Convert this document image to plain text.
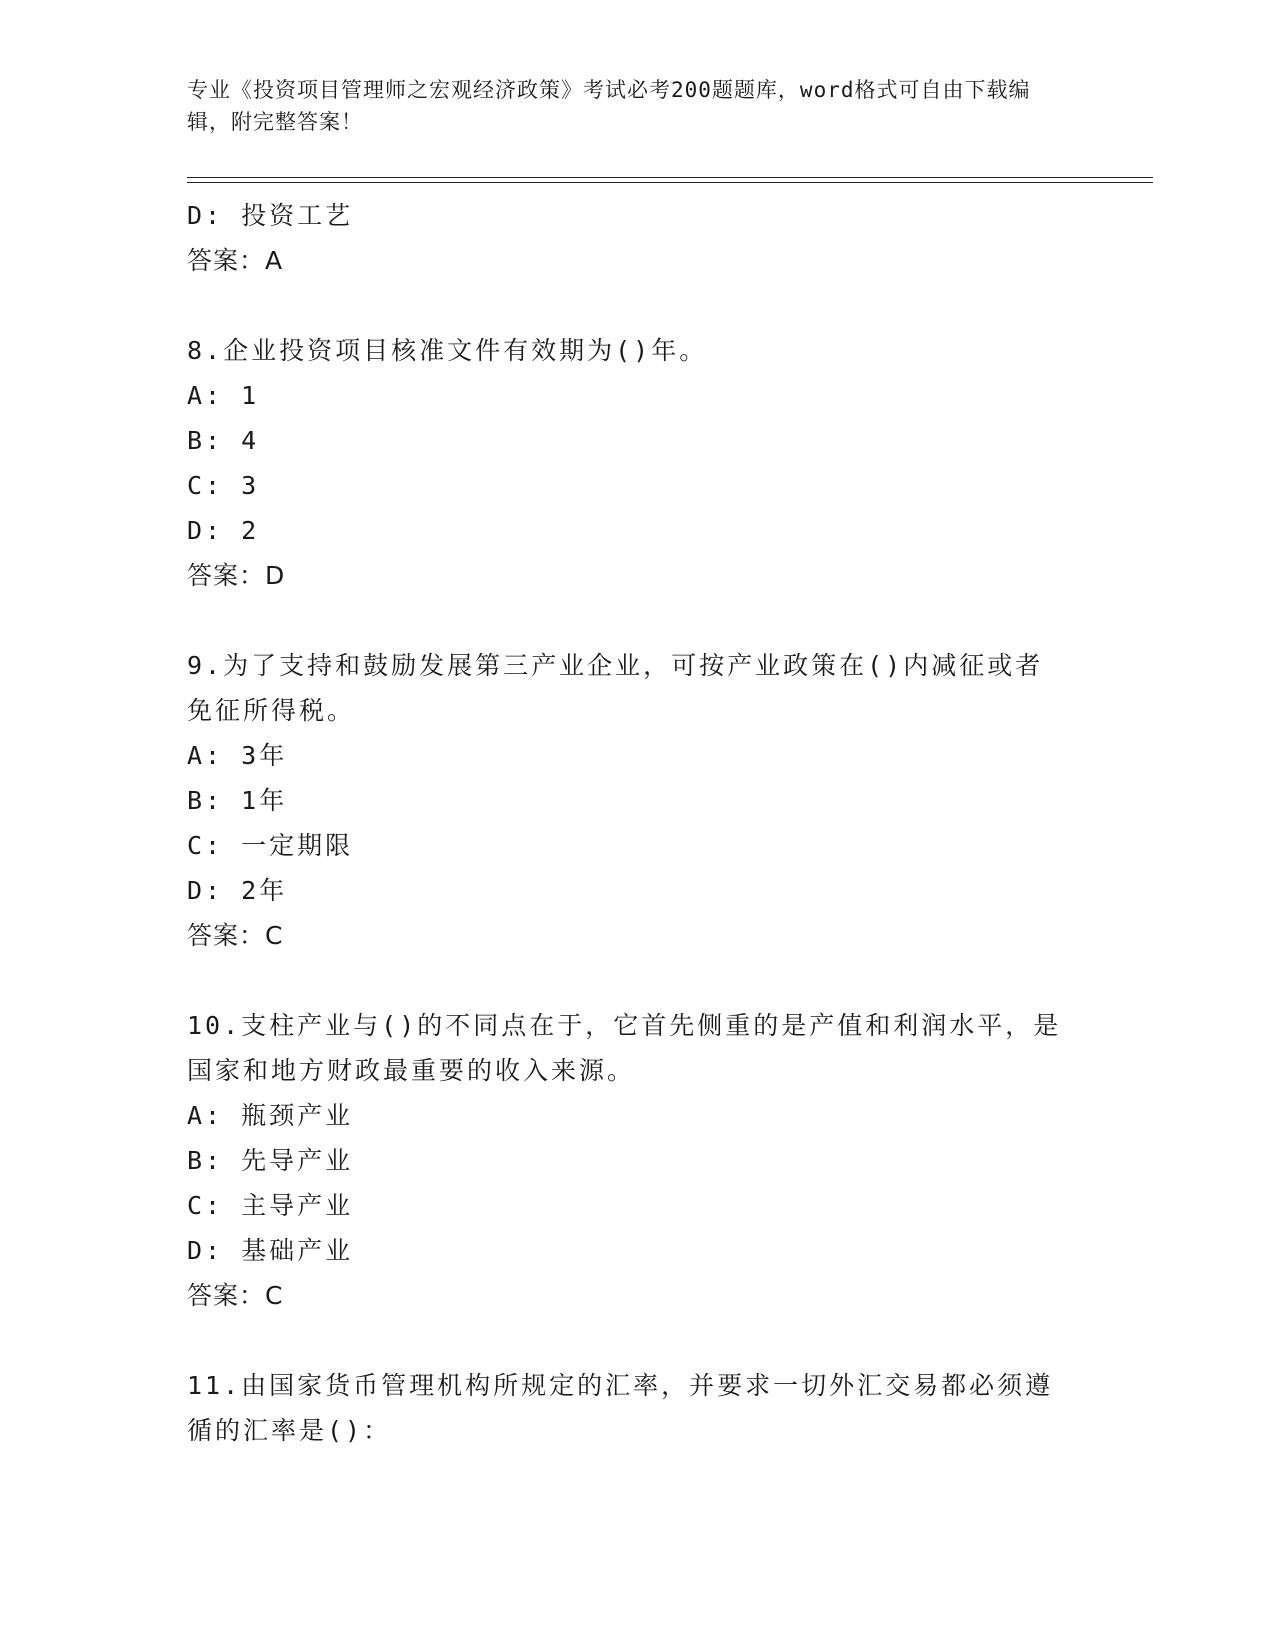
专业《投资项目管理师之宏观经济政策》考试必考200题题库，word格式可自由下载编辑，附完整答案！
D: 投资工艺
答案：A
8.企业投资项目核准文件有效期为()年。
A: 1
B: 4
C: 3
D: 2
答案：D
9.为了支持和鼓励发展第三产业企业，可按产业政策在()内减征或者
免征所得税。
A: 3年
B: 1年
C: 一定期限
D: 2年
答案：C
10.支柱产业与()的不同点在于，它首先侧重的是产值和利润水平，是
国家和地方财政最重要的收入来源。
A: 瓶颈产业
B: 先导产业
C: 主导产业
D: 基础产业
答案：C
11.由国家货币管理机构所规定的汇率，并要求一切外汇交易都必须遵
循的汇率是()：
